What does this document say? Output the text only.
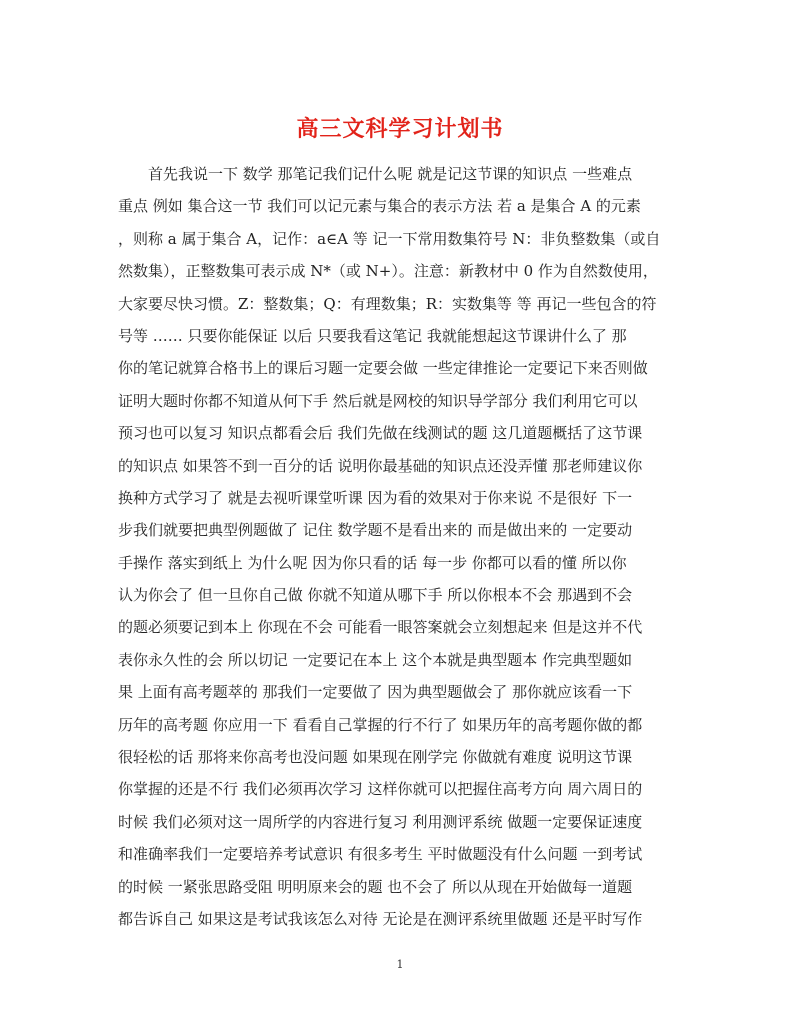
高三文科学习计划书
首先我说一下 数学 那笔记我们记什么呢 就是记这节课的知识点 一些难点
重点 例如 集合这一节 我们可以记元素与集合的表示方法 若 a 是集合 A 的元素
，则称 a 属于集合 A，记作：a∈A 等 记一下常用数集符号 N：非负整数集（或自
然数集），正整数集可表示成 N*（或 N+）。注意：新教材中 0 作为自然数使用，
大家要尽快习惯。Z：整数集；Q：有理数集；R：实数集等 等 再记一些包含的符
号等 …… 只要你能保证 以后 只要我看这笔记 我就能想起这节课讲什么了 那
你的笔记就算合格书上的课后习题一定要会做 一些定律推论一定要记下来否则做
证明大题时你都不知道从何下手 然后就是网校的知识导学部分 我们利用它可以
预习也可以复习 知识点都看会后 我们先做在线测试的题 这几道题概括了这节课
的知识点 如果答不到一百分的话 说明你最基础的知识点还没弄懂 那老师建议你
换种方式学习了 就是去视听课堂听课 因为看的效果对于你来说 不是很好 下一
步我们就要把典型例题做了 记住 数学题不是看出来的 而是做出来的 一定要动
手操作 落实到纸上 为什么呢 因为你只看的话 每一步 你都可以看的懂 所以你
认为你会了 但一旦你自己做 你就不知道从哪下手 所以你根本不会 那遇到不会
的题必须要记到本上 你现在不会 可能看一眼答案就会立刻想起来 但是这并不代
表你永久性的会 所以切记 一定要记在本上 这个本就是典型题本 作完典型题如
果 上面有高考题萃的 那我们一定要做了 因为典型题做会了 那你就应该看一下
历年的高考题 你应用一下 看看自己掌握的行不行了 如果历年的高考题你做的都
很轻松的话 那将来你高考也没问题 如果现在刚学完 你做就有难度 说明这节课
你掌握的还是不行 我们必须再次学习 这样你就可以把握住高考方向 周六周日的
时候 我们必须对这一周所学的内容进行复习 利用测评系统 做题一定要保证速度
和准确率我们一定要培养考试意识 有很多考生 平时做题没有什么问题 一到考试
的时候 一紧张思路受阻 明明原来会的题 也不会了 所以从现在开始做每一道题
都告诉自己 如果这是考试我该怎么对待 无论是在测评系统里做题 还是平时写作
1
